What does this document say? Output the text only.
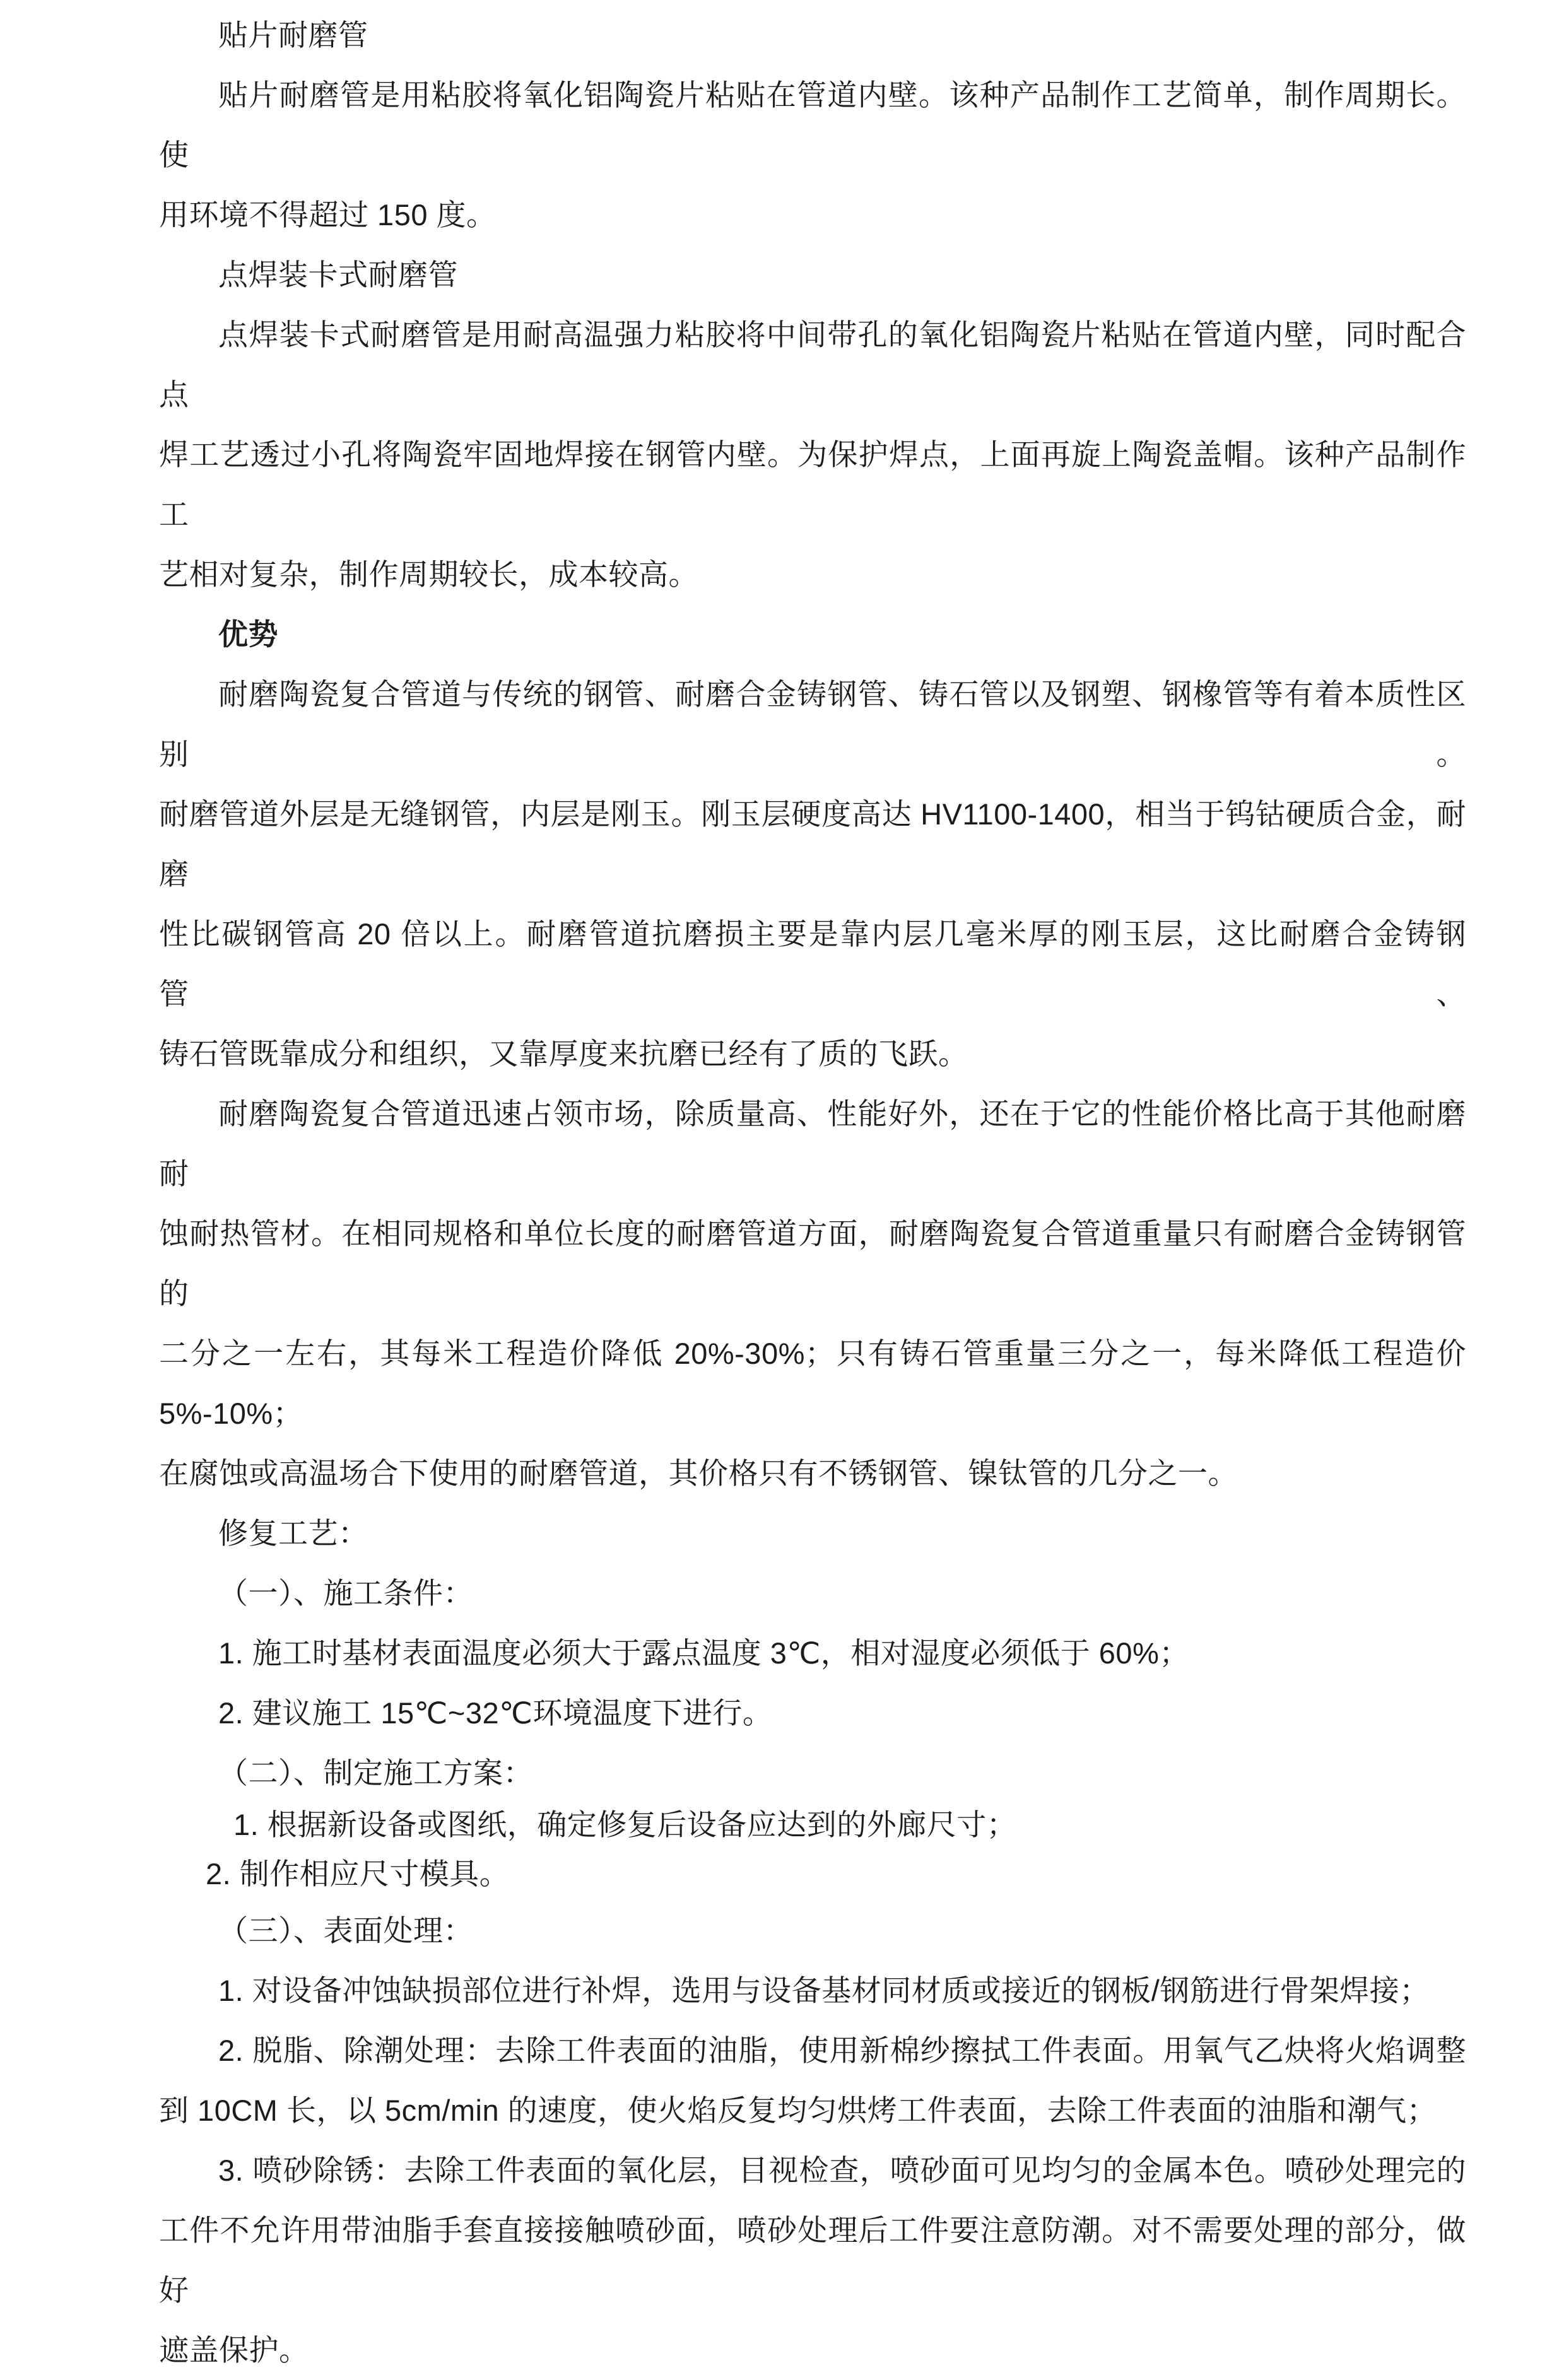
贴片耐磨管
贴片耐磨管是用粘胶将氧化铝陶瓷片粘贴在管道内壁。该种产品制作工艺简单，制作周期长。使
用环境不得超过 150 度。
点焊装卡式耐磨管
点焊装卡式耐磨管是用耐高温强力粘胶将中间带孔的氧化铝陶瓷片粘贴在管道内壁，同时配合点
焊工艺透过小孔将陶瓷牢固地焊接在钢管内壁。为保护焊点，上面再旋上陶瓷盖帽。该种产品制作工
艺相对复杂，制作周期较长，成本较高。
优势
耐磨陶瓷复合管道与传统的钢管、耐磨合金铸钢管、铸石管以及钢塑、钢橡管等有着本质性区别。
耐磨管道外层是无缝钢管，内层是刚玉。刚玉层硬度高达 HV1100-1400，相当于钨钴硬质合金，耐磨
性比碳钢管高 20 倍以上。耐磨管道抗磨损主要是靠内层几毫米厚的刚玉层，这比耐磨合金铸钢管、
铸石管既靠成分和组织，又靠厚度来抗磨已经有了质的飞跃。
耐磨陶瓷复合管道迅速占领市场，除质量高、性能好外，还在于它的性能价格比高于其他耐磨耐
蚀耐热管材。在相同规格和单位长度的耐磨管道方面，耐磨陶瓷复合管道重量只有耐磨合金铸钢管的
二分之一左右，其每米工程造价降低 20%-30%；只有铸石管重量三分之一，每米降低工程造价 5%-10%；
在腐蚀或高温场合下使用的耐磨管道，其价格只有不锈钢管、镍钛管的几分之一。
修复工艺：
（一）、施工条件：
1. 施工时基材表面温度必须大于露点温度 3℃，相对湿度必须低于 60%；
2. 建议施工 15℃~32℃环境温度下进行。
（二）、制定施工方案：
1. 根据新设备或图纸，确定修复后设备应达到的外廊尺寸；
2. 制作相应尺寸模具。
（三）、表面处理：
1. 对设备冲蚀缺损部位进行补焊，选用与设备基材同材质或接近的钢板/钢筋进行骨架焊接；
2. 脱脂、除潮处理：去除工件表面的油脂，使用新棉纱擦拭工件表面。用氧气乙炔将火焰调整
到 10CM 长，以 5cm/min 的速度，使火焰反复均匀烘烤工件表面，去除工件表面的油脂和潮气；
3. 喷砂除锈：去除工件表面的氧化层，目视检查，喷砂面可见均匀的金属本色。喷砂处理完的
工件不允许用带油脂手套直接接触喷砂面，喷砂处理后工件要注意防潮。对不需要处理的部分，做好
遮盖保护。
